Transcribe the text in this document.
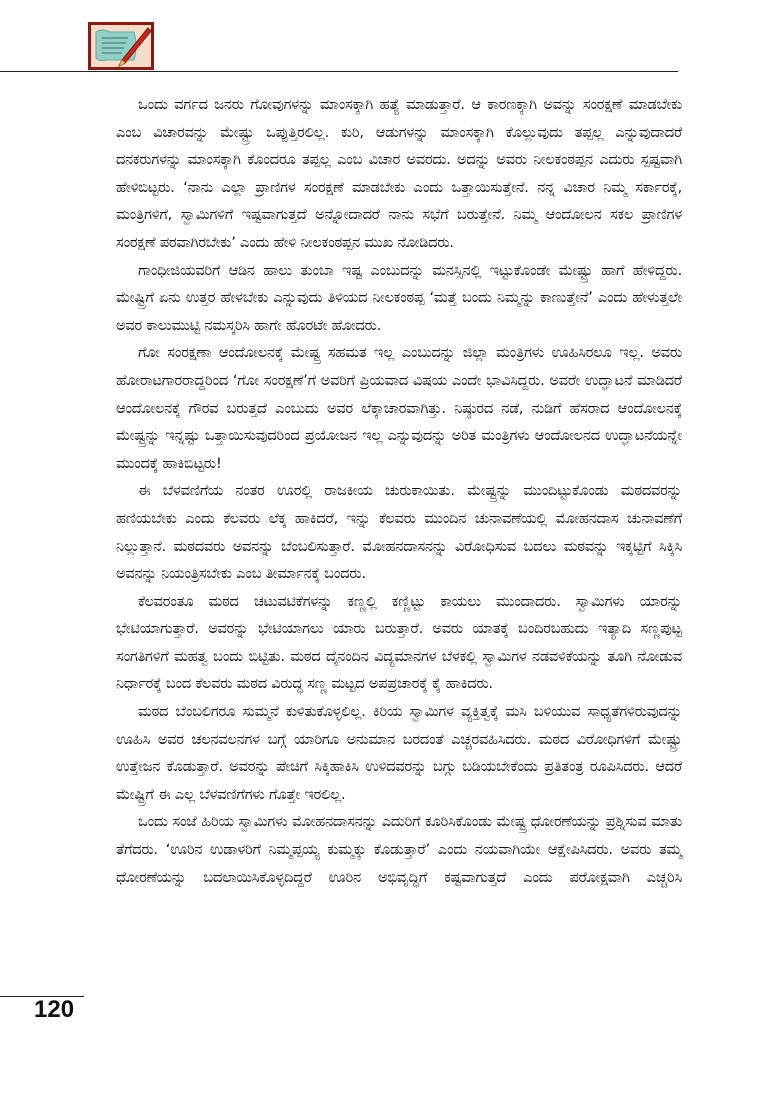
ಒಂದು ವರ್ಗದ ಜನರು ಗೋವುಗಳನ್ನು ಮಾಂಸಕ್ಕಾಗಿ ಹತ್ಯೆ ಮಾಡುತ್ತಾರೆ. ಆ ಕಾರಣಕ್ಕಾಗಿ ಅವನ್ನು ಸಂರಕ್ಷಣೆ ಮಾಡಬೇಕು ಎಂಬ ವಿಚಾರವನ್ನು ಮೇಷ್ಟ್ರು ಒಪ್ಪುತ್ತಿರಲಿಲ್ಲ. ಕುರಿ, ಆಡುಗಳನ್ನು ಮಾಂಸಕ್ಕಾಗಿ ಕೊಲ್ಲುವುದು ತಪ್ಪಲ್ಲ ಎನ್ನುವುದಾದರೆ ದನಕರುಗಳನ್ನು ಮಾಂಸಕ್ಕಾಗಿ ಕೊಂದರೂ ತಪ್ಪಲ್ಲ ಎಂಬ ವಿಚಾರ ಅವರದು. ಅದನ್ನು ಅವರು ನೀಲಕಂಠಪ್ಪನ ಎದುರು ಸ್ಪಷ್ಟವಾಗಿ ಹೇಳಿಬಿಟ್ಟರು. ‘ನಾನು ಎಲ್ಲಾ ಪ್ರಾಣಿಗಳ ಸಂರಕ್ಷಣೆ ಮಾಡಬೇಕು ಎಂದು ಒತ್ತಾಯಿಸುತ್ತೇನೆ. ನನ್ನ ವಿಚಾರ ನಿಮ್ಮ ಸರ್ಕಾರಕ್ಕೆ, ಮಂತ್ರಿಗಳಿಗೆ, ಸ್ವಾಮಿಗಳಿಗೆ ಇಷ್ಟವಾಗುತ್ತದೆ ಅನ್ನೋದಾದರೆ ನಾನು ಸಭೆಗೆ ಬರುತ್ತೇನೆ. ನಿಮ್ಮ ಆಂದೋಲನ ಸಕಲ ಪ್ರಾಣಿಗಳ ಸಂರಕ್ಷಣೆ ಪರವಾಗಿರಬೇಕು’ ಎಂದು ಹೇಳಿ ನೀಲಕಂಠಪ್ಪನ ಮುಖ ನೋಡಿದರು.

ಗಾಂಧೀಜಿಯವರಿಗೆ ಆಡಿನ ಹಾಲು ತುಂಬಾ ಇಷ್ಟ ಎಂಬುದನ್ನು ಮನಸ್ಸಿನಲ್ಲಿ ಇಟ್ಟುಕೊಂಡೇ ಮೇಷ್ಟ್ರು ಹಾಗೆ ಹೇಳಿದ್ದರು. ಮೇಷ್ಟ್ರಿಗೆ ಏನು ಉತ್ತರ ಹೇಳಬೇಕು ಎನ್ನುವುದು ತಿಳಿಯದ ನೀಲಕಂಠಪ್ಪ ‘ಮತ್ತೆ ಬಂದು ನಿಮ್ಮನ್ನು ಕಾಣುತ್ತೇನೆ’ ಎಂದು ಹೇಳುತ್ತಲೇ ಅವರ ಕಾಲುಮುಟ್ಟಿ ನಮಸ್ಕರಿಸಿ ಹಾಗೇ ಹೊರಟೇ ಹೋದರು.

ಗೋ ಸಂರಕ್ಷಣಾ ಆಂದೋಲನಕ್ಕೆ ಮೇಷ್ಟ್ರ ಸಹಮತ ಇಲ್ಲ ಎಂಬುದನ್ನು ಜಿಲ್ಲಾ ಮಂತ್ರಿಗಳು ಊಹಿಸಿರಲೂ ಇಲ್ಲ. ಅವರು ಹೋರಾಟಗಾರರಾದ್ದರಿಂದ ‘ಗೋ ಸಂರಕ್ಷಣೆ’ಗೆ ಅವರಿಗೆ ಪ್ರಿಯವಾದ ವಿಷಯ ಎಂದೇ ಭಾವಿಸಿದ್ದರು. ಅವರೇ ಉದ್ಘಾಟನೆ ಮಾಡಿದರೆ ಆಂದೋಲನಕ್ಕೆ ಗೌರವ ಬರುತ್ತದೆ ಎಂಬುದು ಅವರ ಲೆಕ್ಕಾಚಾರವಾಗಿತ್ತು. ನಿಷ್ಠುರದ ನಡೆ, ನುಡಿಗೆ ಹೆಸರಾದ ಆಂದೋಲನಕ್ಕೆ ಮೇಷ್ಟ್ರನ್ನು ಇನ್ನಷ್ಟು ಒತ್ತಾಯಿಸುವುದರಿಂದ ಪ್ರಯೋಜನ ಇಲ್ಲ ಎನ್ನುವುದನ್ನು ಅರಿತ ಮಂತ್ರಿಗಳು ಆಂದೋಲನದ ಉದ್ಘಾಟನೆಯನ್ನೇ ಮುಂದಕ್ಕೆ ಹಾಕಿಬಿಟ್ಟರು!

ಈ ಬೆಳವಣಿಗೆಯ ನಂತರ ಊರಲ್ಲಿ ರಾಜಕೀಯ ಚುರುಕಾಯಿತು. ಮೇಷ್ಟ್ರನ್ನು ಮುಂದಿಟ್ಟುಕೊಂಡು ಮಠದವರನ್ನು ಹಣಿಯಬೇಕು ಎಂದು ಕೆಲವರು ಲೆಕ್ಕ ಹಾಕಿದರೆ, ಇನ್ನು ಕೆಲವರು ಮುಂದಿನ ಚುನಾವಣೆಯಲ್ಲಿ ಮೋಹನದಾಸ ಚುನಾವಣೆಗೆ ನಿಲ್ಲುತ್ತಾನೆ. ಮಠದವರು ಅವನನ್ನು ಬೆಂಬಲಿಸುತ್ತಾರೆ. ಮೋಹನದಾಸನನ್ನು ವಿರೋಧಿಸುವ ಬದಲು ಮಠವನ್ನು ಇಕ್ಕಟ್ಟಿಗೆ ಸಿಕ್ಕಿಸಿ ಅವನನ್ನು ನಿಯಂತ್ರಿಸಬೇಕು ಎಂಬ ತೀರ್ಮಾನಕ್ಕೆ ಬಂದರು.

ಕೆಲವರಂತೂ ಮಠದ ಚಟುವಟಿಕೆಗಳನ್ನು ಕಣ್ಣಲ್ಲಿ ಕಣ್ಣಿಟ್ಟು ಕಾಯಲು ಮುಂದಾದರು. ಸ್ವಾಮಿಗಳು ಯಾರನ್ನು ಭೇಟಿಯಾಗುತ್ತಾರೆ. ಅವರನ್ನು ಭೇಟಿಯಾಗಲು ಯಾರು ಬರುತ್ತಾರೆ. ಅವರು ಯಾತಕ್ಕೆ ಬಂದಿರಬಹುದು ಇತ್ಯಾದಿ ಸಣ್ಣಪುಟ್ಟ ಸಂಗತಿಗಳಿಗೆ ಮಹತ್ವ ಬಂದು ಬಿಟ್ಟಿತು. ಮಠದ ದೈನಂದಿನ ವಿದ್ಯಮಾನಗಳ ಬೆಳಕಲ್ಲಿ ಸ್ವಾಮಿಗಳ ನಡವಳಿಕೆಯನ್ನು ತೂಗಿ ನೋಡುವ ನಿರ್ಧಾರಕ್ಕೆ ಬಂದ ಕೆಲವರು ಮಠದ ವಿರುದ್ಧ ಸಣ್ಣ ಮಟ್ಟದ ಅಪಪ್ರಚಾರಕ್ಕೆ ಕೈ ಹಾಕಿದರು.

ಮಠದ ಬೆಂಬಲಿಗರೂ ಸುಮ್ಮನೆ ಕುಳಿತುಕೊಳ್ಳಲಿಲ್ಲ. ಕಿರಿಯ ಸ್ವಾಮಿಗಳ ವ್ಯಕ್ತಿತ್ವಕ್ಕೆ ಮಸಿ ಬಳಿಯುವ ಸಾಧ್ಯತೆಗಳಿರುವುದನ್ನು ಊಹಿಸಿ ಅವರ ಚಲನವಲನಗಳ ಬಗ್ಗೆ ಯಾರಿಗೂ ಅನುಮಾನ ಬರದಂತೆ ಎಚ್ಚರವಹಿಸಿದರು. ಮಠದ ವಿರೋಧಿಗಳಿಗೆ ಮೇಷ್ಟ್ರು ಉತ್ತೇಜನ ಕೊಡುತ್ತಾರೆ. ಅವರನ್ನು ಪೇಚಿಗೆ ಸಿಕ್ಕಿಹಾಕಿಸಿ ಉಳಿದವರನ್ನು ಬಗ್ಗು ಬಡಿಯಬೇಕೆಂದು ಪ್ರತಿತಂತ್ರ ರೂಪಿಸಿದರು. ಆದರೆ ಮೇಷ್ಟ್ರಿಗೆ ಈ ಎಲ್ಲ ಬೆಳವಣಿಗೆಗಳು ಗೊತ್ತೇ ಇರಲಿಲ್ಲ.

ಒಂದು ಸಂಜೆ ಹಿರಿಯ ಸ್ವಾಮಿಗಳು ಮೋಹನದಾಸನನ್ನು ಎದುರಿಗೆ ಕೂರಿಸಿಕೊಂಡು ಮೇಷ್ಟ್ರ ಧೋರಣೆಯನ್ನು ಪ್ರಶ್ನಿಸುವ ಮಾತು ತೆಗೆದರು. ‘ಊರಿನ ಉಡಾಳರಿಗೆ ನಿಮ್ಮಪ್ಪಯ್ಯ ಕುಮ್ಮಕ್ಕು ಕೊಡುತ್ತಾರೆ’ ಎಂದು ನಯವಾಗಿಯೇ ಆಕ್ಷೇಪಿಸಿದರು. ಅವರು ತಮ್ಮ ಧೋರಣೆಯನ್ನು ಬದಲಾಯಿಸಿಕೊಳ್ಳದಿದ್ದರೆ ಊರಿನ ಅಭಿವೃದ್ಧಿಗೆ ಕಷ್ಟವಾಗುತ್ತದೆ ಎಂದು ಪರೋಕ್ಷವಾಗಿ ಎಚ್ಚರಿಸಿ

120
